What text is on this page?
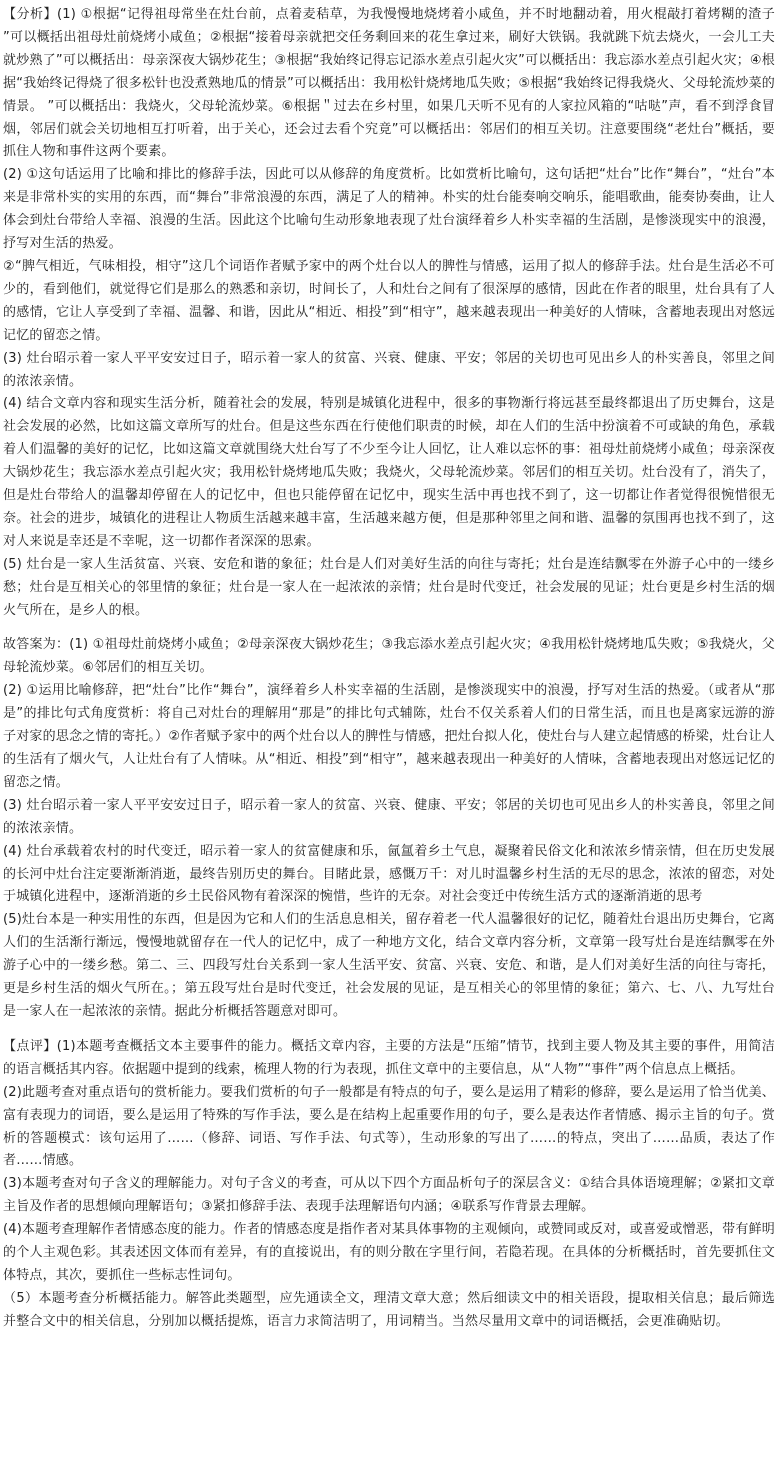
【分析】(1) ①根据“记得祖母常坐在灶台前，点着麦秸草，为我慢慢地烧烤着小咸鱼，并不时地翻动着，用火棍敲打着烤糊的渣子 ”可以概括出祖母灶前烧烤小咸鱼；②根据“接着母亲就把交任务剩回来的花生拿过来，刷好大铁锅。我就跳下炕去烧火，一会儿工夫就炒熟了”可以概括出：母亲深夜大锅炒花生；③根据“我始终记得忘记添水差点引起火灾”可以概括出：我忘添水差点引起火灾；④根据“我始终记得烧了很多松针也没煮熟地瓜的情景”可以概括出：我用松针烧烤地瓜失败；⑤根据“我始终记得我烧火、父母轮流炒菜的情景。 ”可以概括出：我烧火，父母轮流炒菜。⑥根据＂过去在乡村里，如果几天听不见有的人家拉风箱的“咕哒”声，看不到浮食冒烟，邻居们就会关切地相互打听着，出于关心，还会过去看个究竟”可以概括出：邻居们的相互关切。注意要围绕“老灶台”概括，要抓住人物和事件这两个要素。

(2) ①这句话运用了比喻和排比的修辞手法，因此可以从修辞的角度赏析。比如赏析比喻句，这句话把“灶台”比作“舞台”，“灶台”本来是非常朴实的实用的东西，而“舞台”非常浪漫的东西，满足了人的精神。朴实的灶台能奏响交响乐，能唱歌曲，能奏协奏曲，让人体会到灶台带给人幸福、浪漫的生活。因此这个比喻句生动形象地表现了灶台演绎着乡人朴实幸福的生活剧，是惨淡现实中的浪漫，抒写对生活的热爱。

②“脾气相近，气味相投，相守”这几个词语作者赋予家中的两个灶台以人的脾性与情感，运用了拟人的修辞手法。灶台是生活必不可少的，看到他们，就觉得它们是那么的熟悉和亲切，时间长了，人和灶台之间有了很深厚的感情，因此在作者的眼里，灶台具有了人的感情，它让人享受到了幸福、温馨、和谐，因此从“相近、相投”到“相守”，越来越表现出一种美好的人情味，含蓄地表现出对悠远记忆的留恋之情。

(3) 灶台昭示着一家人平平安安过日子，昭示着一家人的贫富、兴衰、健康、平安；邻居的关切也可见出乡人的朴实善良，邻里之间的浓浓亲情。

(4) 结合文章内容和现实生活分析，随着社会的发展，特别是城镇化进程中，很多的事物渐行将远甚至最终都退出了历史舞台，这是社会发展的必然，比如这篇文章所写的灶台。但是这些东西在行使他们职责的时候，却在人们的生活中扮演着不可或缺的角色，承载着人们温馨的美好的记忆，比如这篇文章就围绕大灶台写了不少至今让人回忆，让人难以忘怀的事：祖母灶前烧烤小咸鱼；母亲深夜大锅炒花生；我忘添水差点引起火灾；我用松针烧烤地瓜失败；我烧火，父母轮流炒菜。邻居们的相互关切。灶台没有了，消失了，但是灶台带给人的温馨却停留在人的记忆中，但也只能停留在记忆中，现实生活中再也找不到了，这一切都让作者觉得很惋惜很无奈。社会的进步，城镇化的进程让人物质生活越来越丰富，生活越来越方便，但是那种邻里之间和谐、温馨的氛围再也找不到了，这对人来说是幸还是不幸呢，这一切都作者深深的思索。

(5) 灶台是一家人生活贫富、兴衰、安危和谐的象征；灶台是人们对美好生活的向往与寄托；灶台是连结飘零在外游子心中的一缕乡愁；灶台是互相关心的邻里情的象征；灶台是一家人在一起浓浓的亲情；灶台是时代变迁，社会发展的见证；灶台更是乡村生活的烟火气所在，是乡人的根。

故答案为：(1) ①祖母灶前烧烤小咸鱼；②母亲深夜大锅炒花生；③我忘添水差点引起火灾；④我用松针烧烤地瓜失败；⑤我烧火，父母轮流炒菜。⑥邻居们的相互关切。

(2) ①运用比喻修辞，把“灶台”比作“舞台”，演绎着乡人朴实幸福的生活剧，是惨淡现实中的浪漫，抒写对生活的热爱。（或者从“那是”的排比句式角度赏析：将自己对灶台的理解用“那是”的排比句式辅陈，灶台不仅关系着人们的日常生活，而且也是离家远游的游子对家的思念之情的寄托。）②作者赋予家中的两个灶台以人的脾性与情感，把灶台拟人化，使灶台与人建立起情感的桥梁，灶台让人的生活有了烟火气，人让灶台有了人情味。从“相近、相投”到“相守”，越来越表现出一种美好的人情味，含蓄地表现出对悠远记忆的留恋之情。

(3) 灶台昭示着一家人平平安安过日子，昭示着一家人的贫富、兴衰、健康、平安；邻居的关切也可见出乡人的朴实善良，邻里之间的浓浓亲情。

(4) 灶台承载着农村的时代变迁，昭示着一家人的贫富健康和乐，氤氲着乡土气息，凝聚着民俗文化和浓浓乡情亲情，但在历史发展的长河中灶台注定要渐渐消逝，最终告别历史的舞台。目睹此景，感慨万千：对儿时温馨乡村生活的无尽的思念，浓浓的留恋，对处于城镇化进程中，逐渐消逝的乡土民俗风物有着深深的惋惜，些许的无奈。对社会变迁中传统生活方式的逐渐消逝的思考

(5)灶台本是一种实用性的东西，但是因为它和人们的生活息息相关，留存着老一代人温馨很好的记忆，随着灶台退出历史舞台，它离人们的生活渐行渐远，慢慢地就留存在一代人的记忆中，成了一种地方文化，结合文章内容分析，文章第一段写灶台是连结飘零在外游子心中的一缕乡愁。第二、三、四段写灶台关系到一家人生活平安、贫富、兴衰、安危、和谐，是人们对美好生活的向往与寄托，更是乡村生活的烟火气所在。；第五段写灶台是时代变迁，社会发展的见证，是互相关心的邻里情的象征；第六、七、八、九写灶台是一家人在一起浓浓的亲情。据此分析概括答题意对即可。

【点评】(1)本题考查概括文本主要事件的能力。概括文章内容，主要的方法是“压缩”情节，找到主要人物及其主要的事件，用简洁的语言概括其内容。依据题中提到的线索，梳理人物的行为表现，抓住文章中的主要信息，从“人物”“事件”两个信息点上概括。

(2)此题考查对重点语句的赏析能力。要我们赏析的句子一般都是有特点的句子，要么是运用了精彩的修辞，要么是运用了恰当优美、富有表现力的词语，要么是运用了特殊的写作手法，要么是在结构上起重要作用的句子，要么是表达作者情感、揭示主旨的句子。赏析的答题模式：该句运用了……（修辞、词语、写作手法、句式等），生动形象的写出了……的特点，突出了……品质，表达了作者……情感。

(3)本题考查对句子含义的理解能力。对句子含义的考查，可从以下四个方面品析句子的深层含义：①结合具体语境理解；②紧扣文章主旨及作者的思想倾向理解语句；③紧扣修辞手法、表现手法理解语句内涵；④联系写作背景去理解。

(4)本题考查理解作者情感态度的能力。作者的情感态度是指作者对某具体事物的主观倾向，或赞同或反对，或喜爱或憎恶，带有鲜明的个人主观色彩。其表述因文体而有差异，有的直接说出，有的则分散在字里行间，若隐若现。在具体的分析概括时，首先要抓住文体特点，其次，要抓住一些标志性词句。

（5）本题考查分析概括能力。解答此类题型，应先通读全文，理清文章大意；然后细读文中的相关语段，提取相关信息；最后筛选并整合文中的相关信息，分别加以概括提炼，语言力求简洁明了，用词精当。当然尽量用文章中的词语概括，会更准确贴切。
